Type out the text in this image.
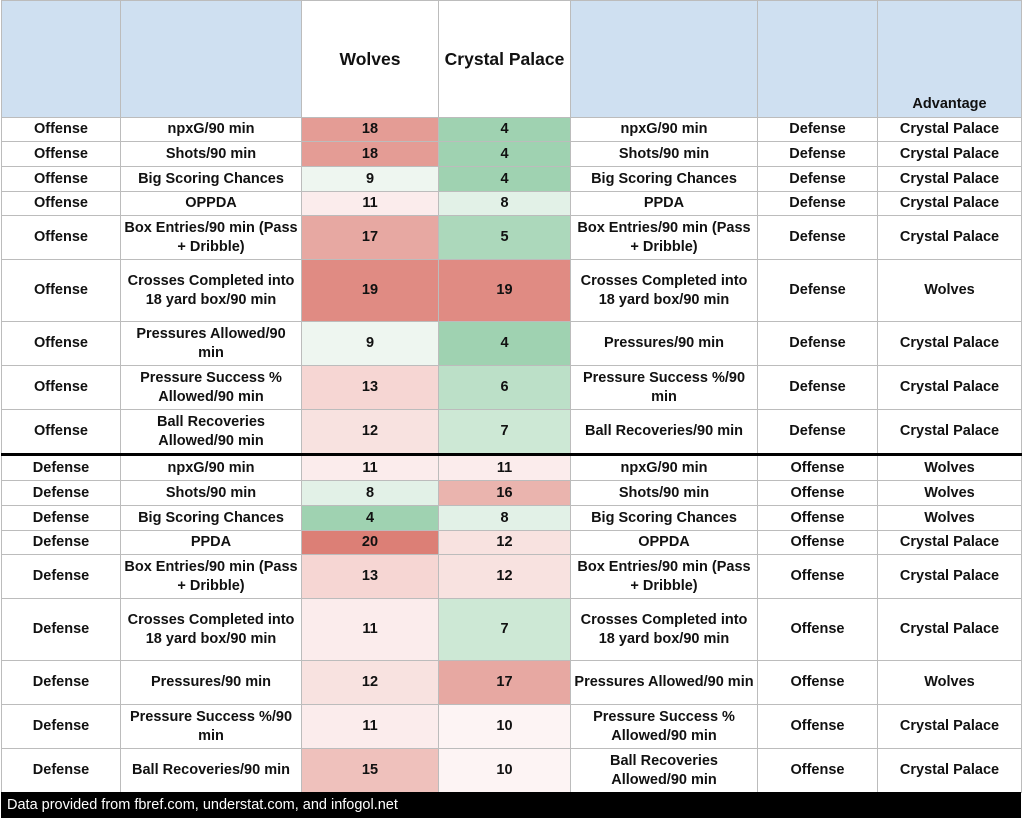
		Wolves	Crystal Palace			Advantage
Offense	npxG/90 min	18	4	npxG/90 min	Defense	Crystal Palace
Offense	Shots/90 min	18	4	Shots/90 min	Defense	Crystal Palace
Offense	Big Scoring Chances	9	4	Big Scoring Chances	Defense	Crystal Palace
Offense	OPPDA	11	8	PPDA	Defense	Crystal Palace
Offense	Box Entries/90 min (Pass + Dribble)	17	5	Box Entries/90 min (Pass + Dribble)	Defense	Crystal Palace
Offense	Crosses Completed into 18 yard box/90 min	19	19	Crosses Completed into 18 yard box/90 min	Defense	Wolves
Offense	Pressures Allowed/90 min	9	4	Pressures/90 min	Defense	Crystal Palace
Offense	Pressure Success % Allowed/90 min	13	6	Pressure Success %/90 min	Defense	Crystal Palace
Offense	Ball Recoveries Allowed/90 min	12	7	Ball Recoveries/90 min	Defense	Crystal Palace
Defense	npxG/90 min	11	11	npxG/90 min	Offense	Wolves
Defense	Shots/90 min	8	16	Shots/90 min	Offense	Wolves
Defense	Big Scoring Chances	4	8	Big Scoring Chances	Offense	Wolves
Defense	PPDA	20	12	OPPDA	Offense	Crystal Palace
Defense	Box Entries/90 min (Pass + Dribble)	13	12	Box Entries/90 min (Pass + Dribble)	Offense	Crystal Palace
Defense	Crosses Completed into 18 yard box/90 min	11	7	Crosses Completed into 18 yard box/90 min	Offense	Crystal Palace
Defense	Pressures/90 min	12	17	Pressures Allowed/90 min	Offense	Wolves
Defense	Pressure Success %/90 min	11	10	Pressure Success % Allowed/90 min	Offense	Crystal Palace
Defense	Ball Recoveries/90 min	15	10	Ball Recoveries Allowed/90 min	Offense	Crystal Palace
Data provided from fbref.com, understat.com, and infogol.net
